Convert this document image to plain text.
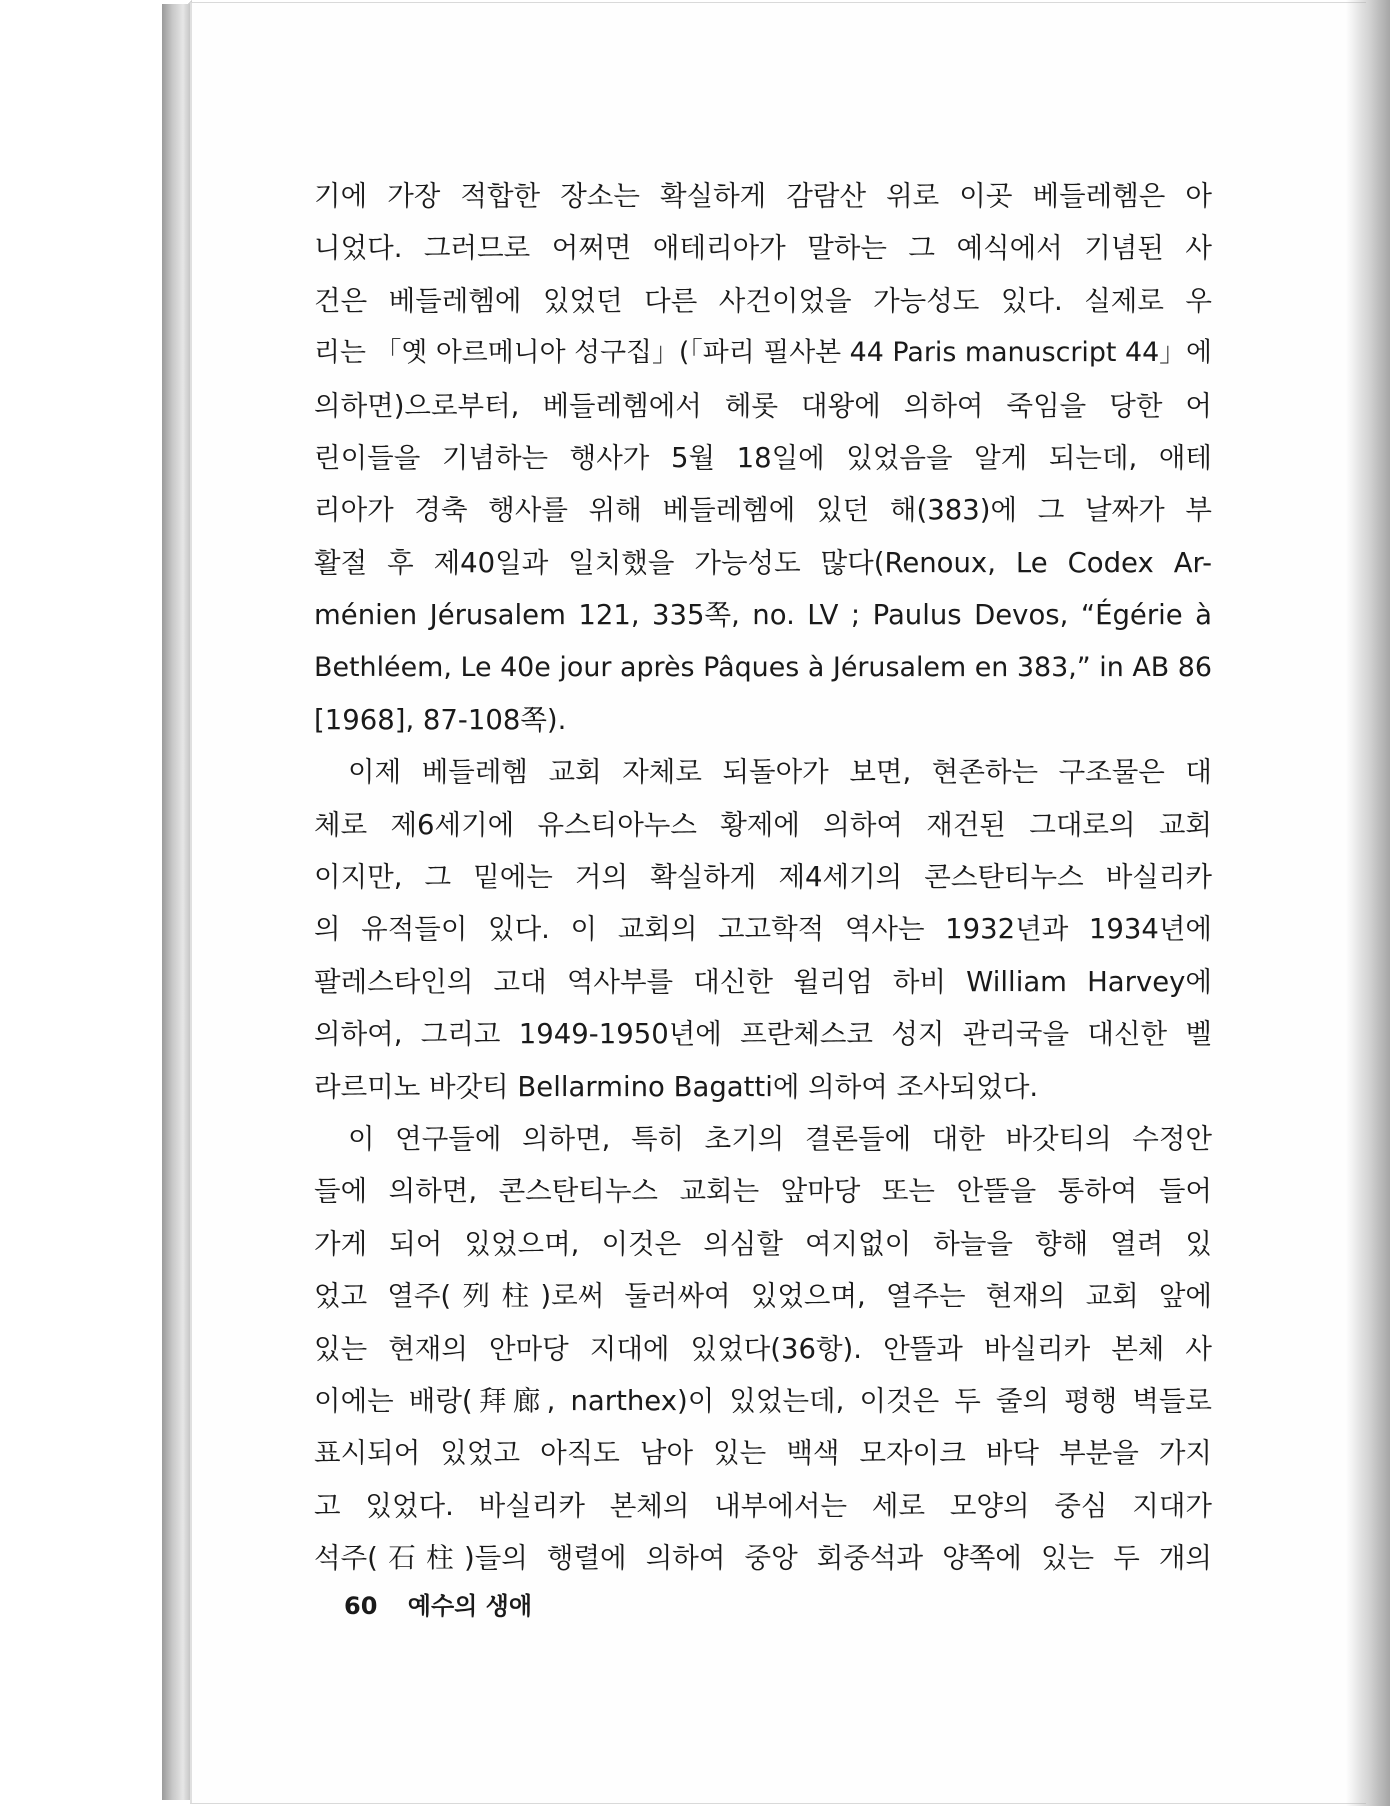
기에 가장 적합한 장소는 확실하게 감람산 위로 이곳 베들레헴은 아
니었다. 그러므로 어쩌면 애테리아가 말하는 그 예식에서 기념된 사
건은 베들레헴에 있었던 다른 사건이었을 가능성도 있다. 실제로 우
리는 「옛 아르메니아 성구집」(「파리 필사본 44 Paris manuscript 44」에
의하면)으로부터, 베들레헴에서 헤롯 대왕에 의하여 죽임을 당한 어
린이들을 기념하는 행사가 5월 18일에 있었음을 알게 되는데, 애테
리아가 경축 행사를 위해 베들레헴에 있던 해(383)에 그 날짜가 부
활절 후 제40일과 일치했을 가능성도 많다(Renoux, Le Codex Ar-
ménien Jérusalem 121, 335쪽, no. LV ; Paulus Devos, “Égérie à
Bethléem, Le 40e jour après Pâques à Jérusalem en 383,” in AB 86
[1968], 87-108쪽).
이제 베들레헴 교회 자체로 되돌아가 보면, 현존하는 구조물은 대
체로 제6세기에 유스티아누스 황제에 의하여 재건된 그대로의 교회
이지만, 그 밑에는 거의 확실하게 제4세기의 콘스탄티누스 바실리카
의 유적들이 있다. 이 교회의 고고학적 역사는 1932년과 1934년에
팔레스타인의 고대 역사부를 대신한 윌리엄 하비 William Harvey에
의하여, 그리고 1949-1950년에 프란체스코 성지 관리국을 대신한 벨
라르미노 바갓티 Bellarmino Bagatti에 의하여 조사되었다.
이 연구들에 의하면, 특히 초기의 결론들에 대한 바갓티의 수정안
들에 의하면, 콘스탄티누스 교회는 앞마당 또는 안뜰을 통하여 들어
가게 되어 있었으며, 이것은 의심할 여지없이 하늘을 향해 열려 있
었고 열주(列柱)로써 둘러싸여 있었으며, 열주는 현재의 교회 앞에
있는 현재의 안마당 지대에 있었다(36항). 안뜰과 바실리카 본체 사
이에는 배랑(拜廊, narthex)이 있었는데, 이것은 두 줄의 평행 벽들로
표시되어 있었고 아직도 남아 있는 백색 모자이크 바닥 부분을 가지
고 있었다. 바실리카 본체의 내부에서는 세로 모양의 중심 지대가
석주(石柱)들의 행렬에 의하여 중앙 회중석과 양쪽에 있는 두 개의
60 예수의 생애
